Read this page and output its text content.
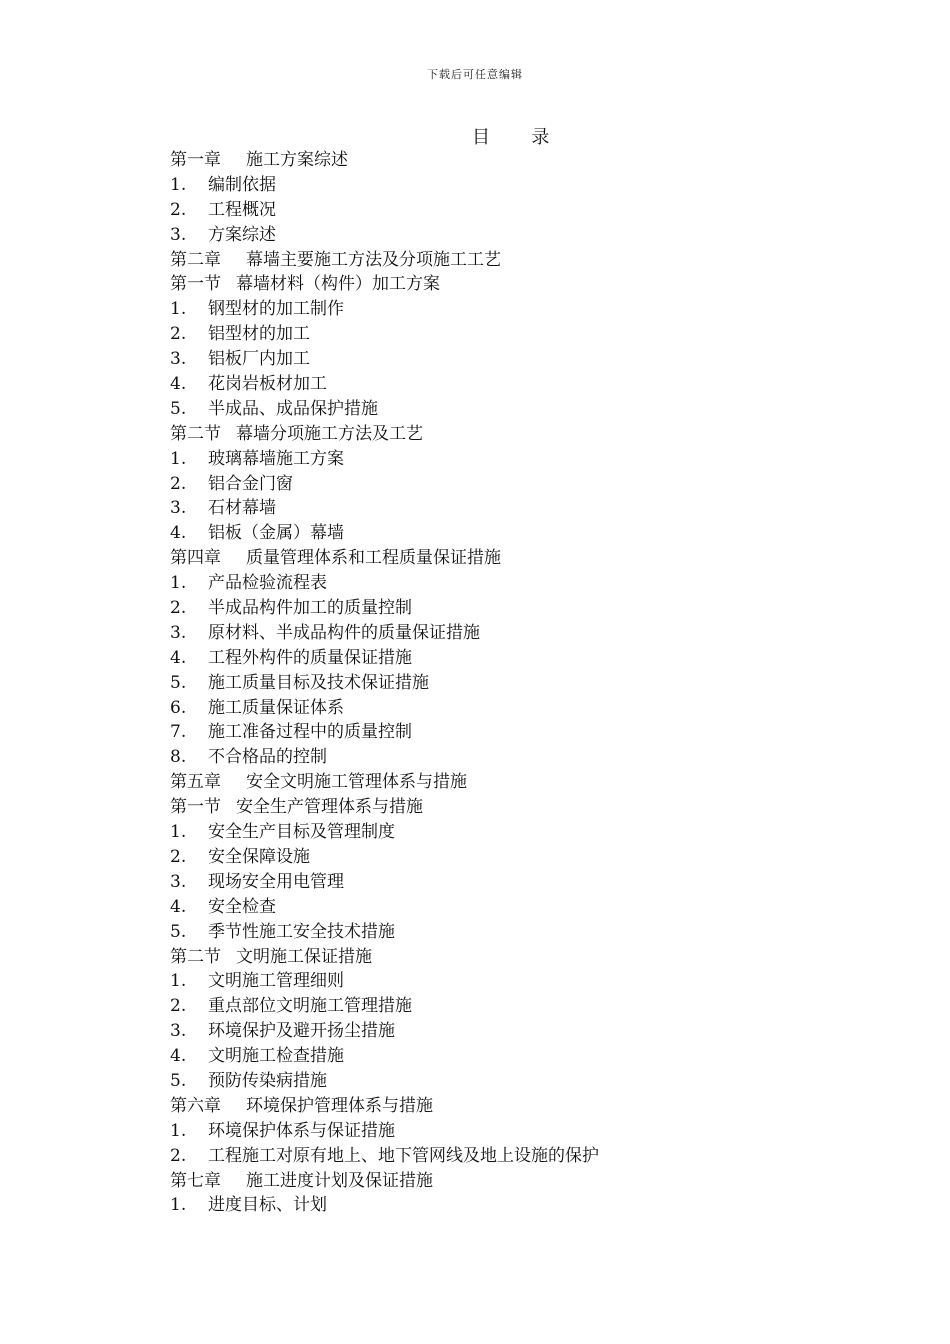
下载后可任意编辑
目      录
第一章 施工方案综述
1. 编制依据
2. 工程概况
3. 方案综述
第二章 幕墙主要施工方法及分项施工工艺
第一节 幕墙材料（构件）加工方案
1. 钢型材的加工制作
2. 铝型材的加工
3. 铝板厂内加工
4. 花岗岩板材加工
5. 半成品、成品保护措施
第二节 幕墙分项施工方法及工艺
1. 玻璃幕墙施工方案
2. 铝合金门窗
3. 石材幕墙
4. 铝板（金属）幕墙
第四章 质量管理体系和工程质量保证措施
1. 产品检验流程表
2. 半成品构件加工的质量控制
3. 原材料、半成品构件的质量保证措施
4. 工程外构件的质量保证措施
5. 施工质量目标及技术保证措施
6. 施工质量保证体系
7. 施工准备过程中的质量控制
8. 不合格品的控制
第五章 安全文明施工管理体系与措施
第一节 安全生产管理体系与措施
1. 安全生产目标及管理制度
2. 安全保障设施
3. 现场安全用电管理
4. 安全检查
5. 季节性施工安全技术措施
第二节 文明施工保证措施
1. 文明施工管理细则
2. 重点部位文明施工管理措施
3. 环境保护及避开扬尘措施
4. 文明施工检查措施
5. 预防传染病措施
第六章 环境保护管理体系与措施
1. 环境保护体系与保证措施
2. 工程施工对原有地上、地下管网线及地上设施的保护
第七章 施工进度计划及保证措施
1. 进度目标、计划
